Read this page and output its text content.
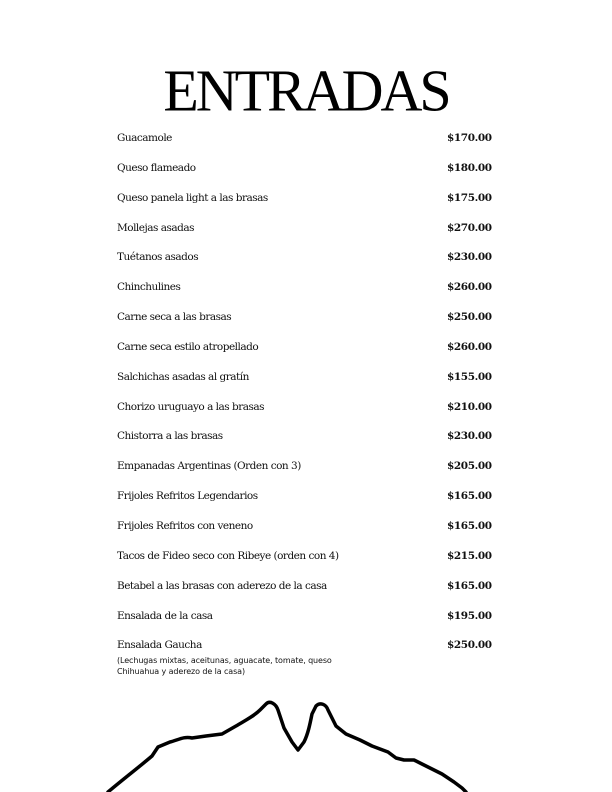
ENTRADAS
Guacamole	$170.00
Queso flameado	$180.00
Queso panela light a las brasas	$175.00
Mollejas asadas	$270.00
Tuétanos asados	$230.00
Chinchulines	$260.00
Carne seca a las brasas	$250.00
Carne seca estilo atropellado	$260.00
Salchichas asadas al gratín	$155.00
Chorizo uruguayo a las brasas	$210.00
Chistorra a las brasas	$230.00
Empanadas Argentinas (Orden con 3)	$205.00
Frijoles Refritos Legendarios	$165.00
Frijoles Refritos con veneno	$165.00
Tacos de Fideo seco con Ribeye (orden con 4)	$215.00
Betabel a las brasas con aderezo de la casa	$165.00
Ensalada de la casa	$195.00
Ensalada Gaucha	$250.00
(Lechugas mixtas, aceitunas, aguacate, tomate, queso Chihuahua y aderezo de la casa)
